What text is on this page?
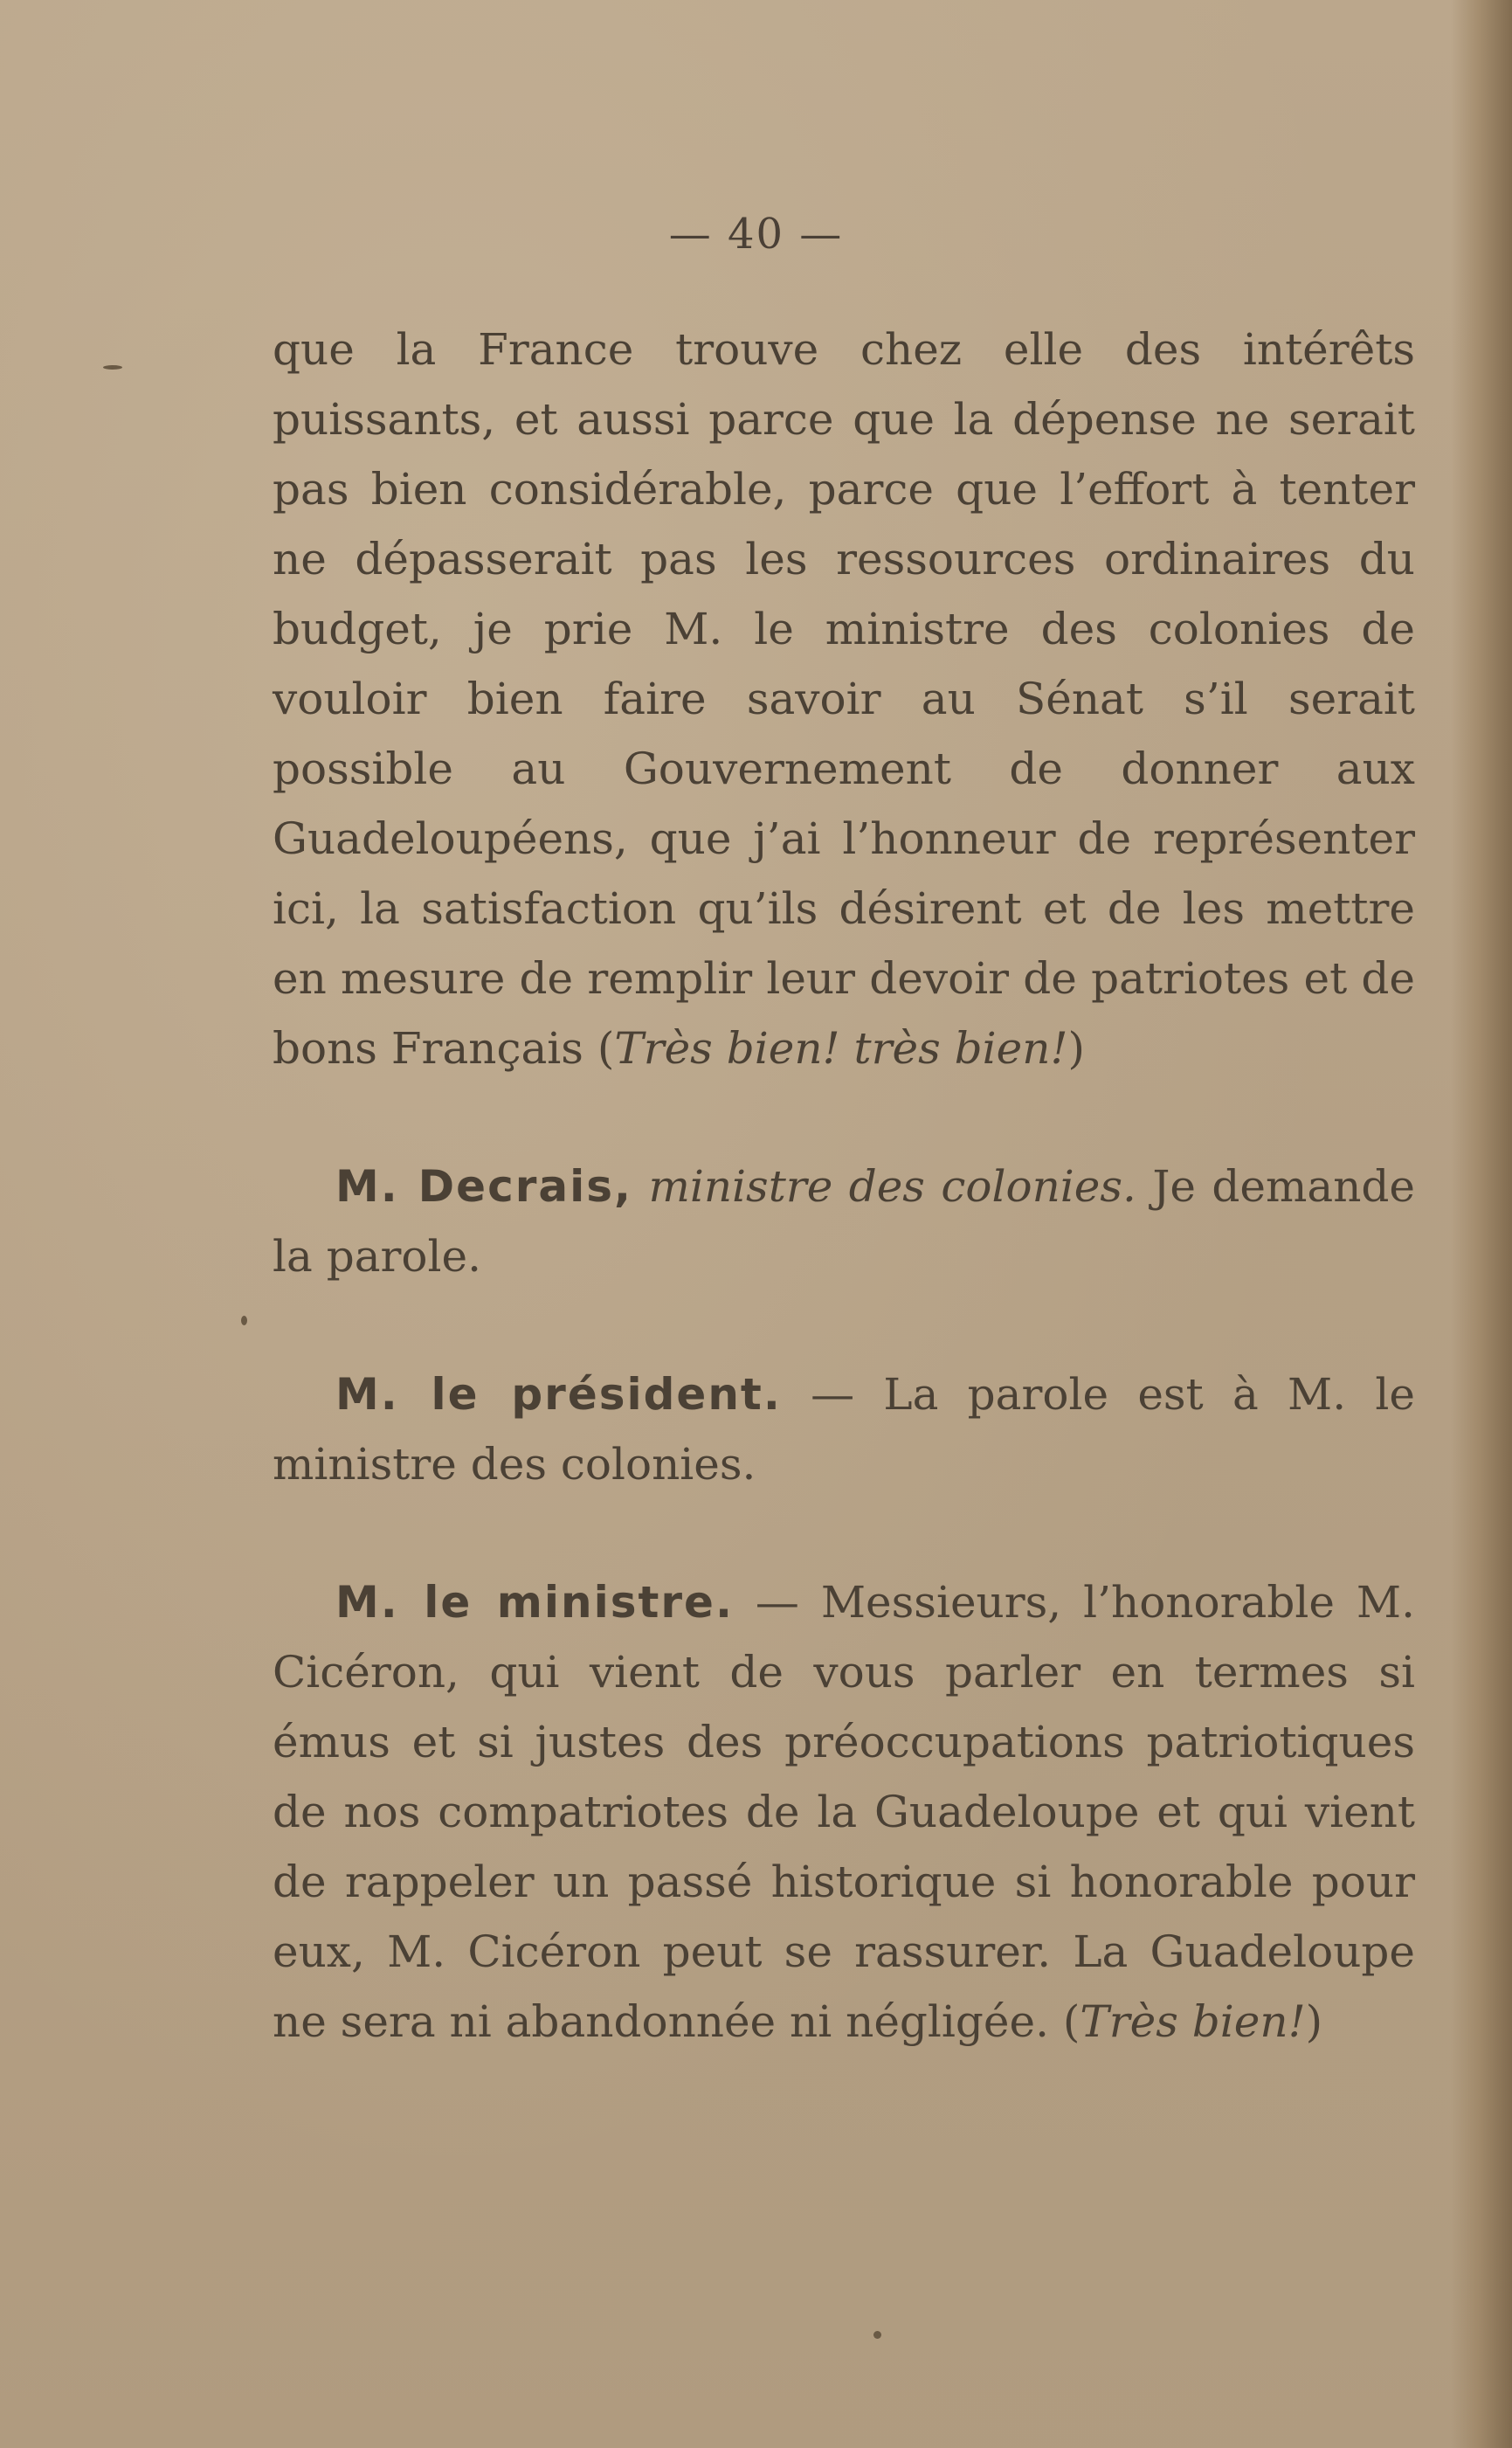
— 40 —

que la France trouve chez elle des intérêts puissants, et aussi parce que la dépense ne serait pas bien considérable, parce que l’effort à tenter ne dépasserait pas les ressources ordinaires du budget, je prie M. le ministre des colonies de vouloir bien faire savoir au Sénat s’il serait possible au Gouvernement de donner aux Guadeloupéens, que j’ai l’honneur de représenter ici, la satisfaction qu’ils désirent et de les mettre en mesure de remplir leur devoir de patriotes et de bons Français (Très bien! très bien!)

M. Decrais, ministre des colonies. Je demande la parole.

M. le président. — La parole est à M. le ministre des colonies.

M. le ministre. — Messieurs, l’honorable M. Cicéron, qui vient de vous parler en termes si émus et si justes des préoccupations patriotiques de nos compatriotes de la Guadeloupe et qui vient de rappeler un passé historique si honorable pour eux, M. Cicéron peut se rassurer. La Guadeloupe ne sera ni abandonnée ni négligée. (Très bien!)
